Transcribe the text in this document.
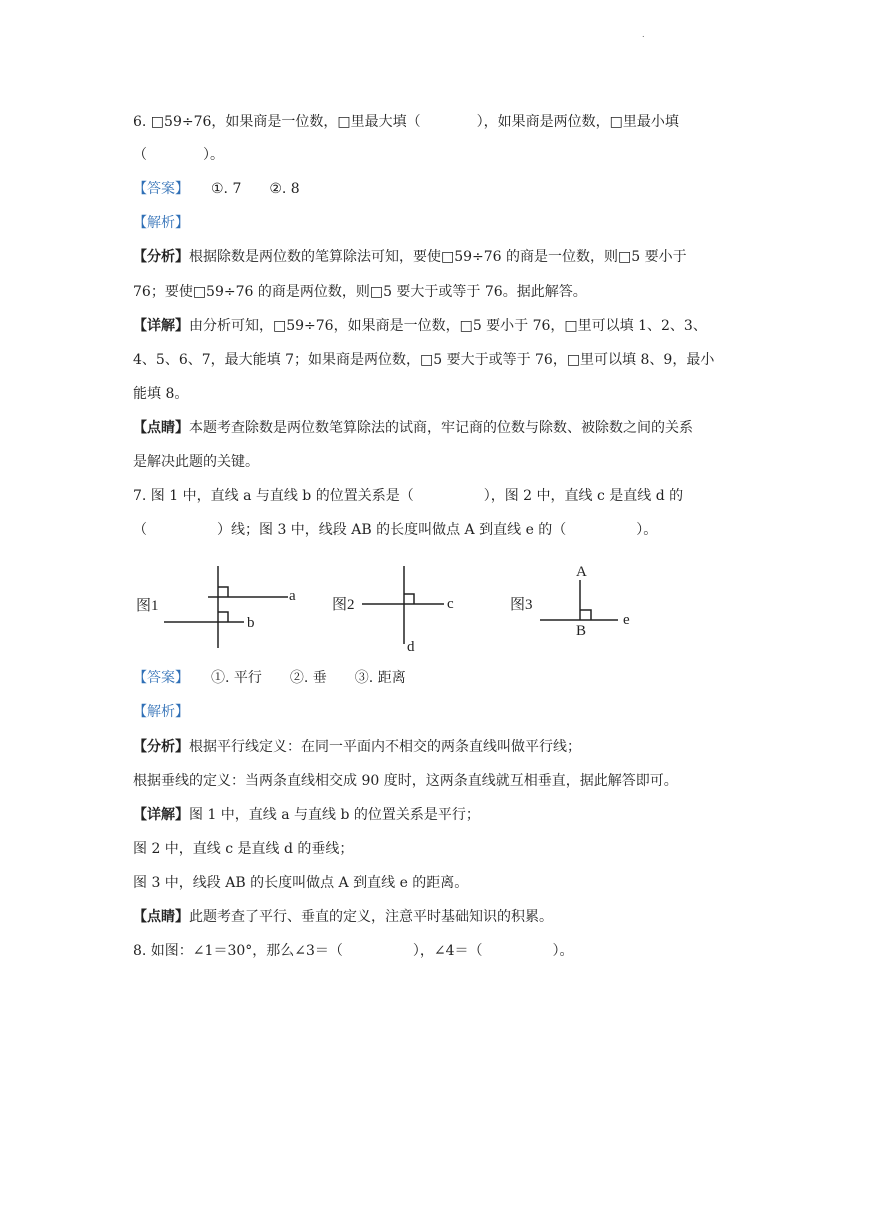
.
6. □59÷76，如果商是一位数，□里最大填（　　　　），如果商是两位数，□里最小填
（　　　　）。
【答案】 ①. 7　　②. 8
【解析】
【分析】根据除数是两位数的笔算除法可知，要使□59÷76 的商是一位数，则□5 要小于
76；要使□59÷76 的商是两位数，则□5 要大于或等于 76。据此解答。
【详解】由分析可知，□59÷76，如果商是一位数，□5 要小于 76，□里可以填 1、2、3、
4、5、6、7，最大能填 7；如果商是两位数，□5 要大于或等于 76，□里可以填 8、9，最小
能填 8。
【点睛】本题考查除数是两位数笔算除法的试商，牢记商的位数与除数、被除数之间的关系
是解决此题的关键。
7. 图 1 中，直线 a 与直线 b 的位置关系是（　　　　　），图 2 中，直线 c 是直线 d 的
（　　　　　）线；图 3 中，线段 AB 的长度叫做点 A 到直线 e 的（　　　　　）。
图1
a
b
图2	c
d
图3
A
B
e
【答案】 ①. 平行　　②. 垂　　③. 距离
【解析】
【分析】根据平行线定义：在同一平面内不相交的两条直线叫做平行线；
根据垂线的定义：当两条直线相交成 90 度时，这两条直线就互相垂直，据此解答即可。
【详解】图 1 中，直线 a 与直线 b 的位置关系是平行；
图 2 中，直线 c 是直线 d 的垂线；
图 3 中，线段 AB 的长度叫做点 A 到直线 e 的距离。
【点睛】此题考查了平行、垂直的定义，注意平时基础知识的积累。
8. 如图：∠1＝30°，那么∠3＝（　　　　　），∠4＝（　　　　　）。
